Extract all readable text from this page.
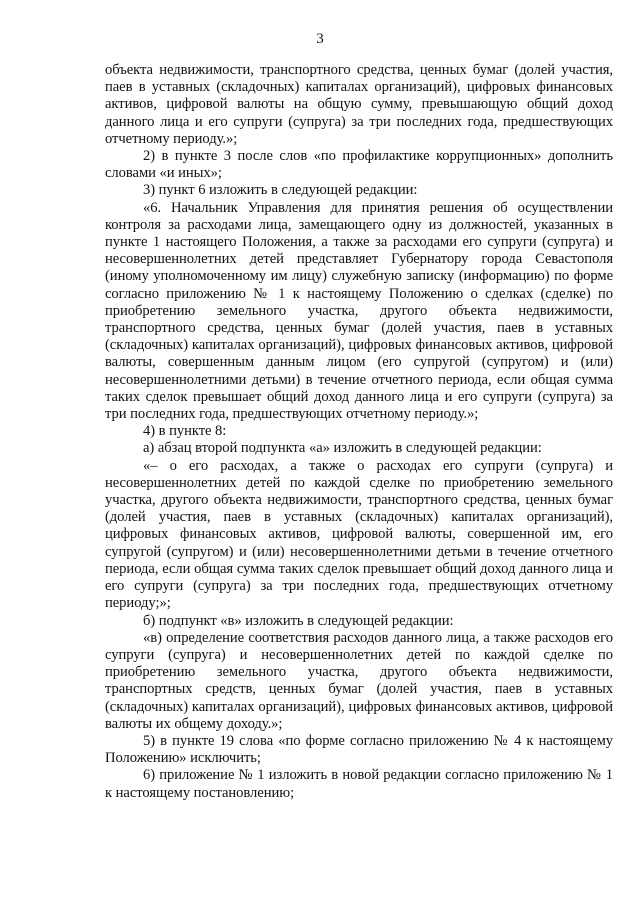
3

объекта недвижимости, транспортного средства, ценных бумаг (долей участия, паев в уставных (складочных) капиталах организаций), цифровых финансовых активов, цифровой валюты на общую сумму, превышающую общий доход данного лица и его супруги (супруга) за три последних года, предшествующих отчетному периоду.»;

2) в пункте 3 после слов «по профилактике коррупционных» дополнить словами «и иных»;

3) пункт 6 изложить в следующей редакции:

«6. Начальник Управления для принятия решения об осуществлении контроля за расходами лица, замещающего одну из должностей, указанных в пункте 1 настоящего Положения, а также за расходами его супруги (супруга) и несовершеннолетних детей представляет Губернатору города Севастополя (иному уполномоченному им лицу) служебную записку (информацию) по форме согласно приложению № 1 к настоящему Положению о сделках (сделке) по приобретению земельного участка, другого объекта недвижимости, транспортного средства, ценных бумаг (долей участия, паев в уставных (складочных) капиталах организаций), цифровых финансовых активов, цифровой валюты, совершенным данным лицом (его супругой (супругом) и (или) несовершеннолетними детьми) в течение отчетного периода, если общая сумма таких сделок превышает общий доход данного лица и его супруги (супруга) за три последних года, предшествующих отчетному периоду.»;

4) в пункте 8:

а) абзац второй подпункта «а» изложить в следующей редакции:

«– о его расходах, а также о расходах его супруги (супруга) и несовершеннолетних детей по каждой сделке по приобретению земельного участка, другого объекта недвижимости, транспортного средства, ценных бумаг (долей участия, паев в уставных (складочных) капиталах организаций), цифровых финансовых активов, цифровой валюты, совершенной им, его супругой (супругом) и (или) несовершеннолетними детьми в течение отчетного периода, если общая сумма таких сделок превышает общий доход данного лица и его супруги (супруга) за три последних года, предшествующих отчетному периоду;»;

б) подпункт «в» изложить в следующей редакции:

«в) определение соответствия расходов данного лица, а также расходов его супруги (супруга) и несовершеннолетних детей по каждой сделке по приобретению земельного участка, другого объекта недвижимости, транспортных средств, ценных бумаг (долей участия, паев в уставных (складочных) капиталах организаций), цифровых финансовых активов, цифровой валюты их общему доходу.»;

5) в пункте 19 слова «по форме согласно приложению № 4 к настоящему Положению» исключить;

6) приложение № 1 изложить в новой редакции согласно приложению № 1 к настоящему постановлению;
